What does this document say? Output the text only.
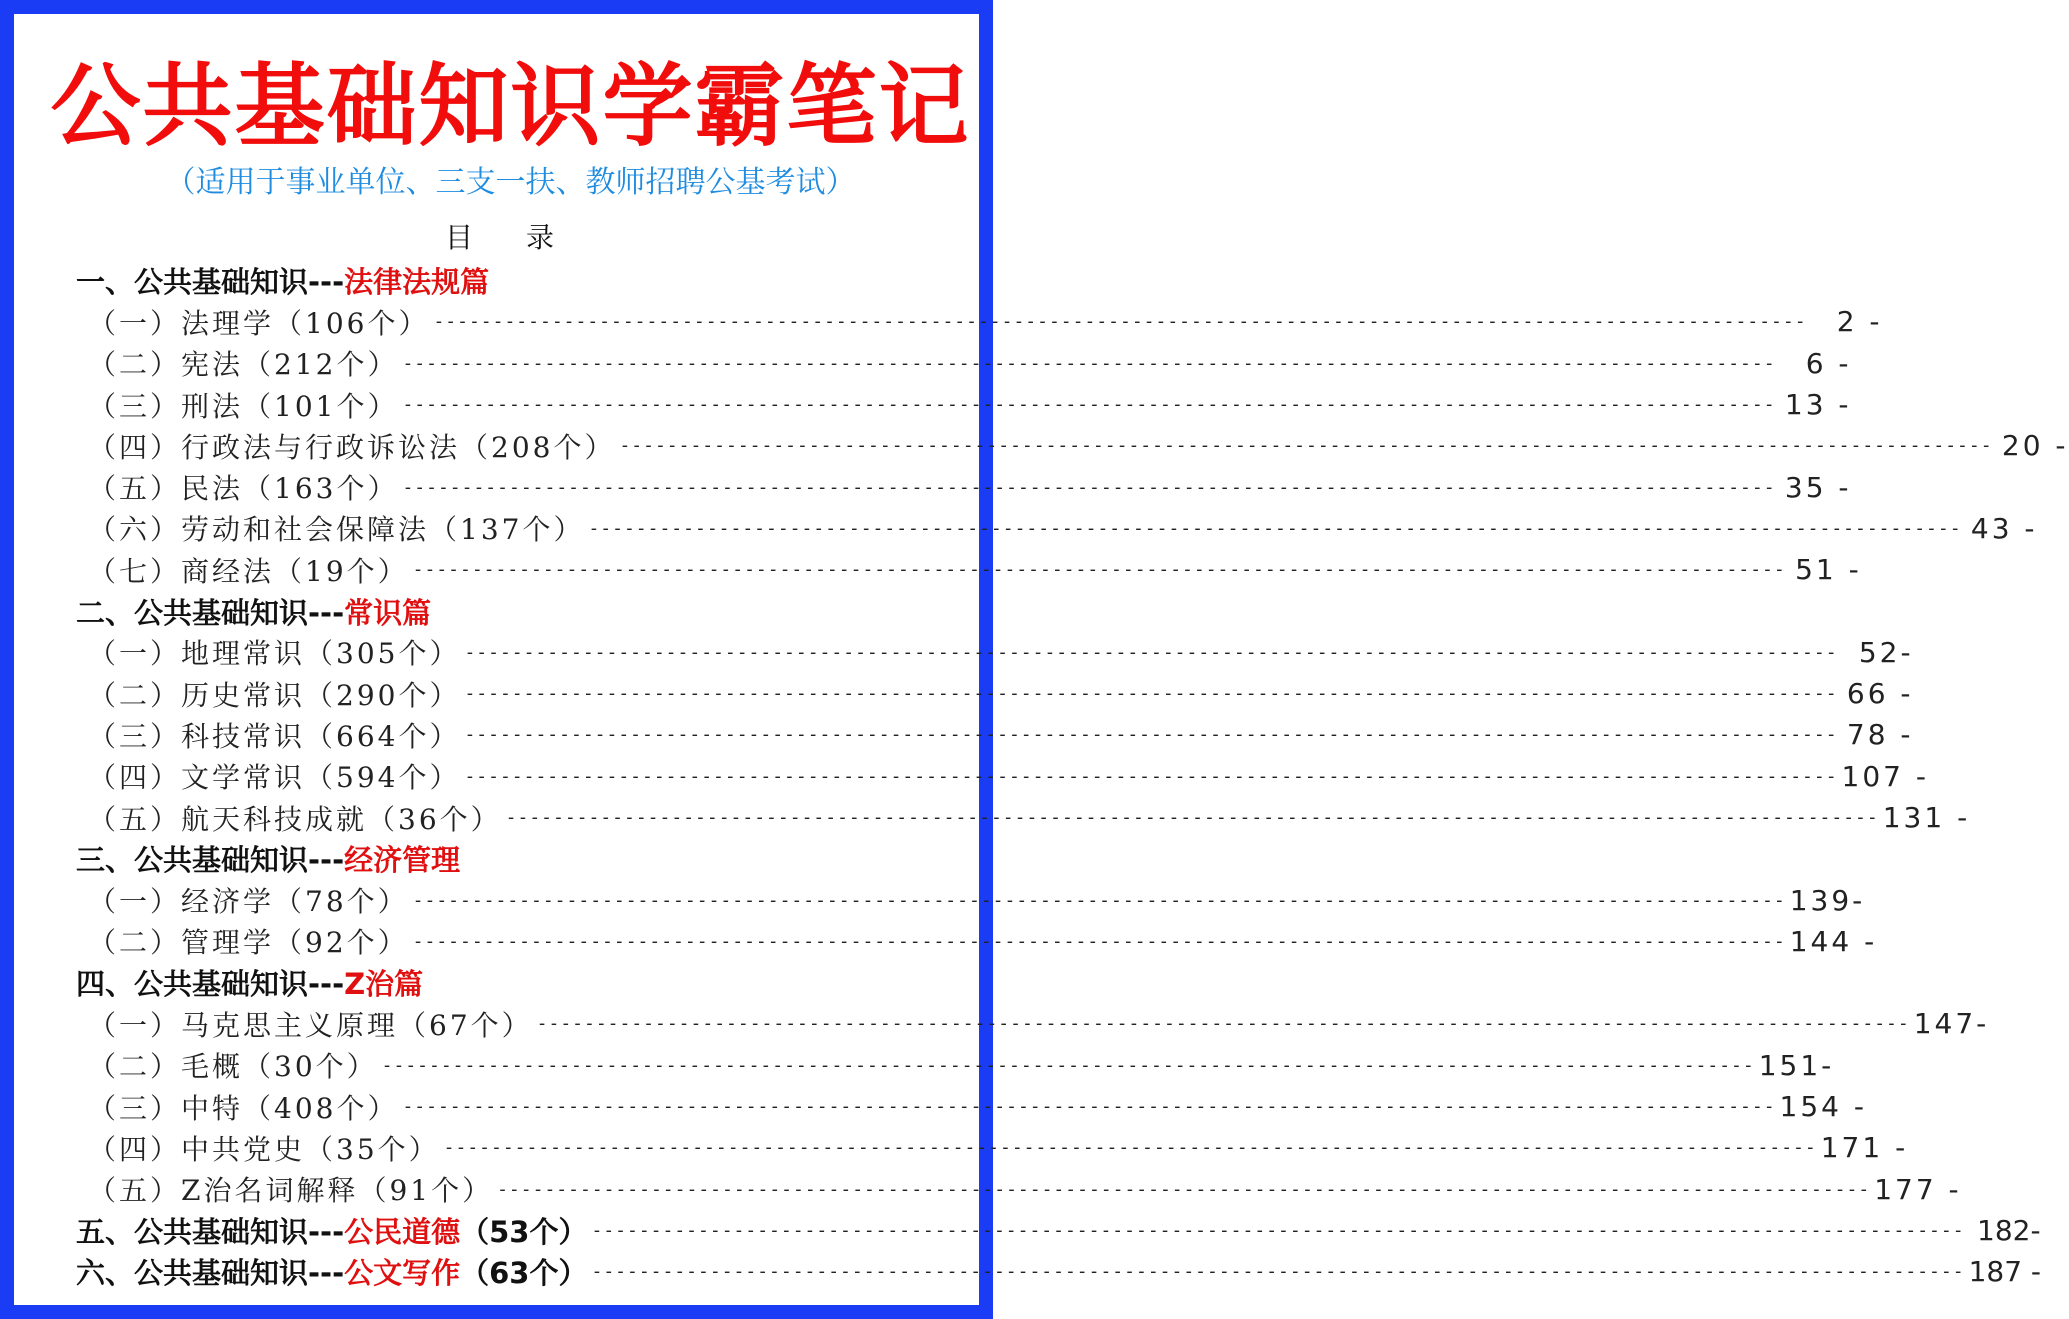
公共基础知识学霸笔记
（适用于事业单位、三支一扶、教师招聘公基考试）
目 录
一、公共基础知识--- 法律法规篇
（一）法理学（106个） --------------------------------------------------------------------------------------------------------------------	2 -
（二）宪法（212个） --------------------------------------------------------------------------------------------------------------------	6 -
（三）刑法（101个） -------------------------------------------------------------------------------------------------------------------- 13 -
（四）行政法与行政诉讼法（208个） -------------------------------------------------------------------------------------------------------------------- 20 -
（五）民法（163个） -------------------------------------------------------------------------------------------------------------------- 35 -
（六）劳动和社会保障法（137个） -------------------------------------------------------------------------------------------------------------------- 43 -
（七）商经法（19个） -------------------------------------------------------------------------------------------------------------------- 51 -
二、公共基础知识--- 常识篇
（一）地理常识（305个） -------------------------------------------------------------------------------------------------------------------- 52-
（二）历史常识（290个） -------------------------------------------------------------------------------------------------------------------- 66 -
（三）科技常识（664个） -------------------------------------------------------------------------------------------------------------------- 78 -
（四）文学常识（594个） -------------------------------------------------------------------------------------------------------------------- 107 -
（五）航天科技成就（36个） -------------------------------------------------------------------------------------------------------------------- 131 -
三、公共基础知识--- 经济管理
（一）经济学（78个） -------------------------------------------------------------------------------------------------------------------- 139-
（二）管理学（92个） -------------------------------------------------------------------------------------------------------------------- 144 -
四、公共基础知识--- Z治篇
（一）马克思主义原理（67个） -------------------------------------------------------------------------------------------------------------------- 147-
（二）毛概（30个） -------------------------------------------------------------------------------------------------------------------- 151-
（三）中特（408个） -------------------------------------------------------------------------------------------------------------------- 154 -
（四）中共党史（35个） -------------------------------------------------------------------------------------------------------------------- 171 -
（五）Z治名词解释（91个） -------------------------------------------------------------------------------------------------------------------- 177 -
五、公共基础知识--- 公民道德 （53个） -------------------------------------------------------------------------------------------------------------------- 182-
六、公共基础知识--- 公文写作 （63个） -------------------------------------------------------------------------------------------------------------------- 187 -
